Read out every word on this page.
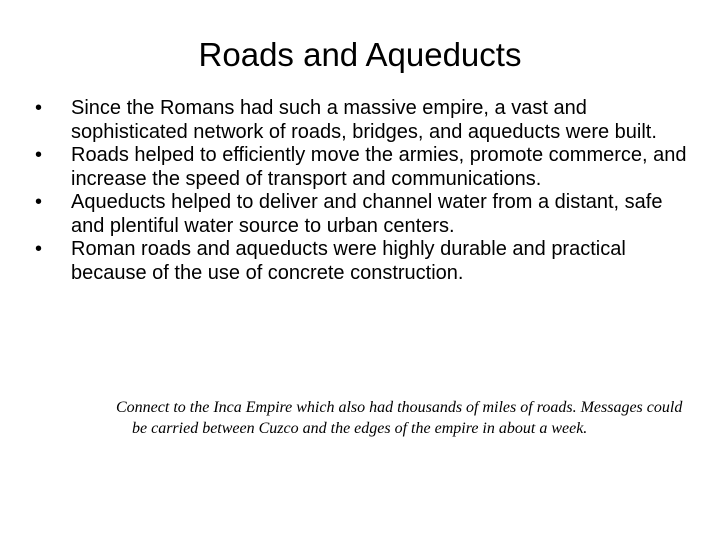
Roads and Aqueducts
•	Since the Romans had such a massive empire, a vast and sophisticated network of roads, bridges, and aqueducts were built.
•	Roads helped to efficiently move the armies, promote commerce, and increase the speed of transport and communications.
•	Aqueducts helped to deliver and channel water from a distant, safe and plentiful water source to urban centers.
•	Roman roads and aqueducts were highly durable and practical because of the use of concrete construction.

Connect to the Inca Empire which also had thousands of miles of roads. Messages could be carried between Cuzco and the edges of the empire in about a week.
